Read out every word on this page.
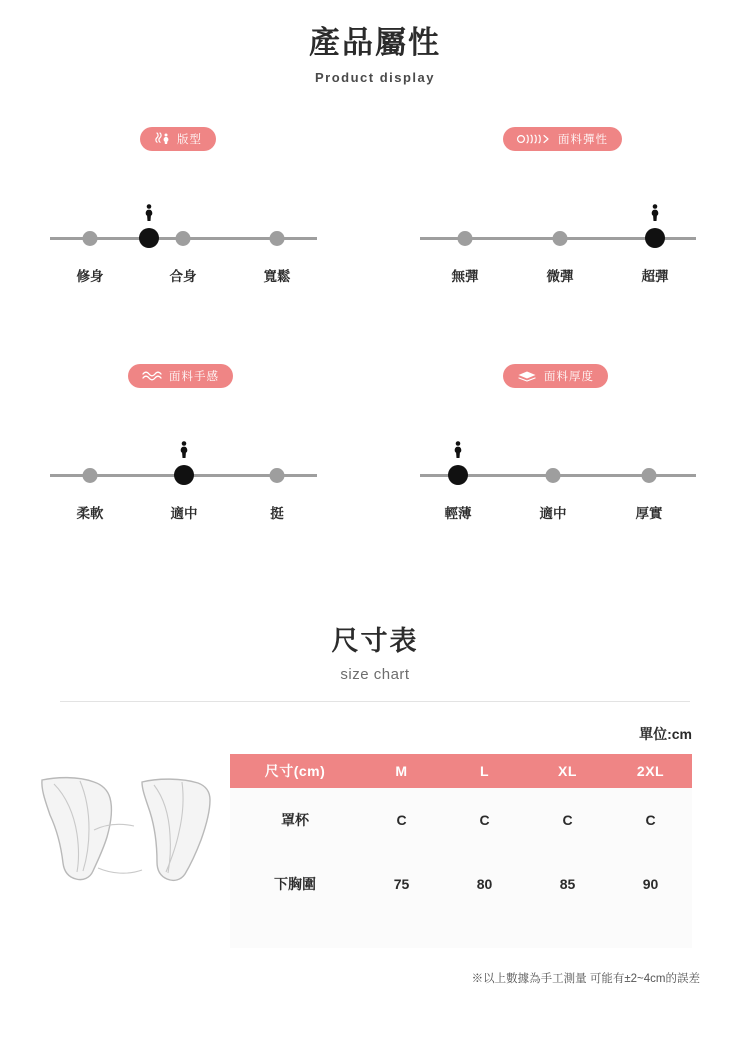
產品屬性
Product display
版型
修身	合身	寬鬆
面料彈性
無彈	微彈	超彈
面料手感
柔軟	適中	挺
面料厚度
輕薄	適中	厚實
尺寸表
size chart
單位:cm
尺寸(cm)	M	L	XL	2XL
罩杯	C	C	C	C
下胸圍	75	80	85	90

※以上數據為手工測量 可能有±2~4cm的誤差
